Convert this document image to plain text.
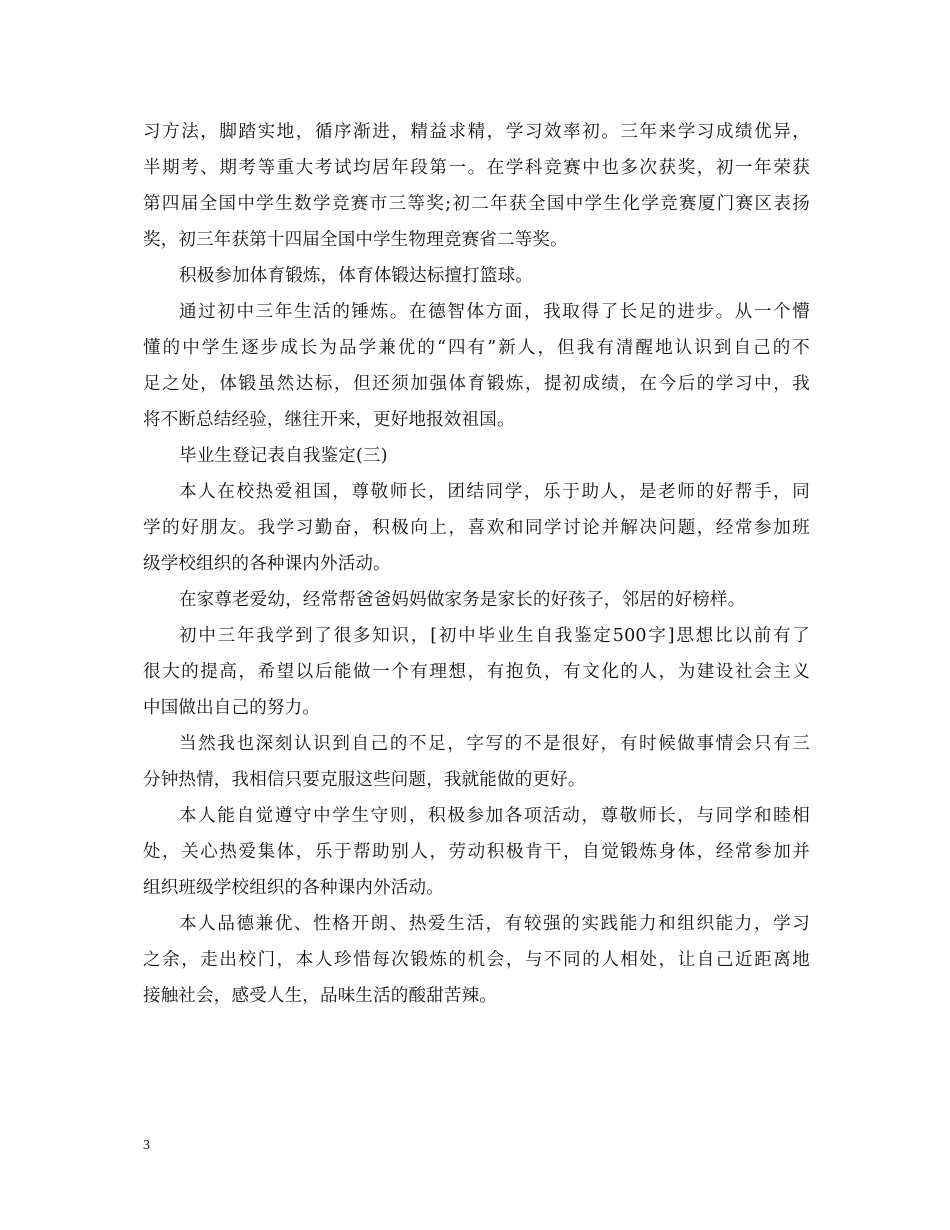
习方法，脚踏实地，循序渐进，精益求精，学习效率初。三年来学习成绩优异，
半期考、期考等重大考试均居年段第一。在学科竞赛中也多次获奖，初一年荣获
第四届全国中学生数学竞赛市三等奖;初二年获全国中学生化学竞赛厦门赛区表扬
奖，初三年获第十四届全国中学生物理竞赛省二等奖。
积极参加体育锻炼，体育体锻达标擅打篮球。
通过初中三年生活的锤炼。在德智体方面，我取得了长足的进步。从一个懵
懂的中学生逐步成长为品学兼优的“四有”新人，但我有清醒地认识到自己的不
足之处，体锻虽然达标，但还须加强体育锻炼，提初成绩，在今后的学习中，我
将不断总结经验，继往开来，更好地报效祖国。
毕业生登记表自我鉴定(三)
本人在校热爱祖国，尊敬师长，团结同学，乐于助人，是老师的好帮手，同
学的好朋友。我学习勤奋，积极向上，喜欢和同学讨论并解决问题，经常参加班
级学校组织的各种课内外活动。
在家尊老爱幼，经常帮爸爸妈妈做家务是家长的好孩子，邻居的好榜样。
初中三年我学到了很多知识，[初中毕业生自我鉴定500字]思想比以前有了
很大的提高，希望以后能做一个有理想，有抱负，有文化的人，为建设社会主义
中国做出自己的努力。
当然我也深刻认识到自己的不足，字写的不是很好，有时候做事情会只有三
分钟热情，我相信只要克服这些问题，我就能做的更好。
本人能自觉遵守中学生守则，积极参加各项活动，尊敬师长，与同学和睦相
处，关心热爱集体，乐于帮助别人，劳动积极肯干，自觉锻炼身体，经常参加并
组织班级学校组织的各种课内外活动。
本人品德兼优、性格开朗、热爱生活，有较强的实践能力和组织能力，学习
之余，走出校门，本人珍惜每次锻炼的机会，与不同的人相处，让自己近距离地
接触社会，感受人生，品味生活的酸甜苦辣。
3
